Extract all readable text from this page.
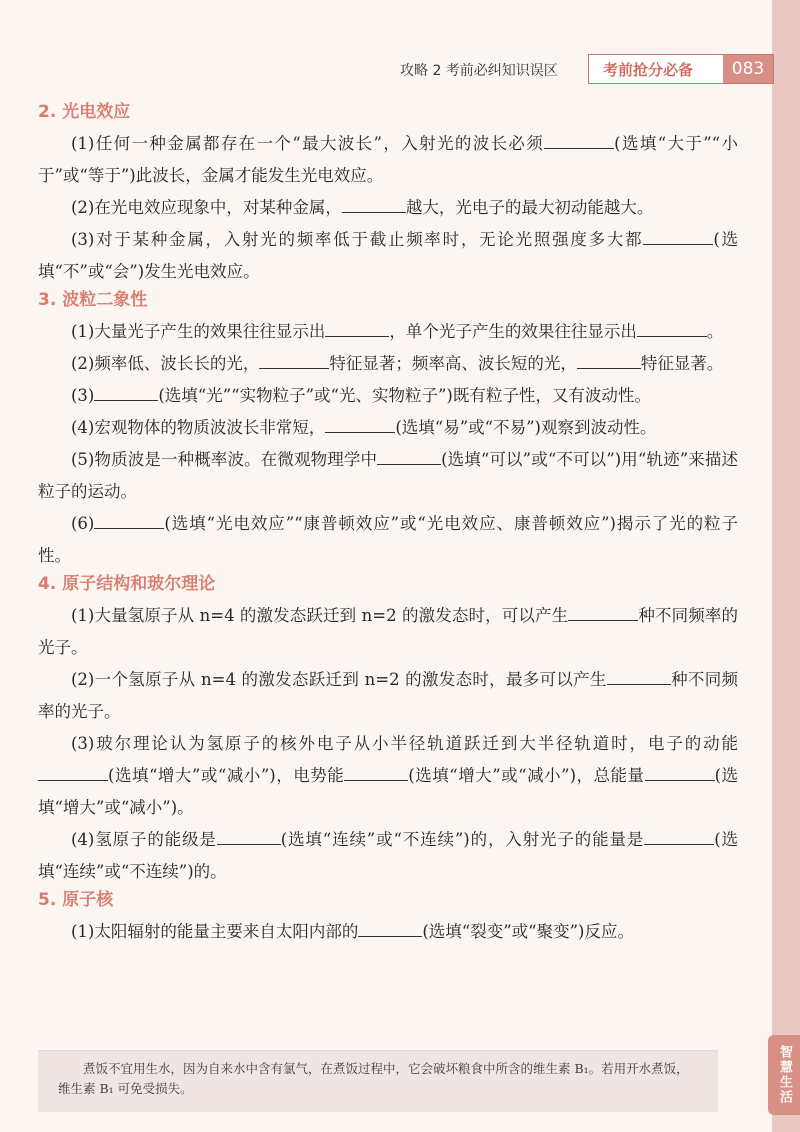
攻略 2 考前必纠知识误区	考前抢分必备	083
2. 光电效应

(1)任何一种金属都存在一个“最大波长”，入射光的波长必须	(选填“大于”“小于”或“等于”)此波长，金属才能发生光电效应。

(2)在光电效应现象中，对某种金属，	越大，光电子的最大初动能越大。

(3)对于某种金属，入射光的频率低于截止频率时，无论光照强度多大都	(选填“不”或“会”)发生光电效应。

3. 波粒二象性

(1)大量光子产生的效果往往显示出	，单个光子产生的效果往往显示出	。

(2)频率低、波长长的光，	特征显著；频率高、波长短的光，	特征显著。

(3)	(选填“光”“实物粒子”或“光、实物粒子”)既有粒子性，又有波动性。

(4)宏观物体的物质波波长非常短，	(选填“易”或“不易”)观察到波动性。

(5)物质波是一种概率波。在微观物理学中	(选填“可以”或“不可以”)用“轨迹”来描述粒子的运动。

(6)	(选填“光电效应”“康普顿效应”或“光电效应、康普顿效应”)揭示了光的粒子性。

4. 原子结构和玻尔理论

(1)大量氢原子从 n=4 的激发态跃迁到 n=2 的激发态时，可以产生	种不同频率的光子。

(2)一个氢原子从 n=4 的激发态跃迁到 n=2 的激发态时，最多可以产生	种不同频率的光子。

(3)玻尔理论认为氢原子的核外电子从小半径轨道跃迁到大半径轨道时，电子的动能(选填“增大”或“减小”)，电势能	(选填“增大”或“减小”)，总能量	(选填“增大”或“减小”)。

(4)氢原子的能级是	(选填“连续”或“不连续”)的，入射光子的能量是	(选填“连续”或“不连续”)的。

5. 原子核

(1)太阳辐射的能量主要来自太阳内部的	(选填“裂变”或“聚变”)反应。

煮饭不宜用生水，因为自来水中含有氯气，在煮饭过程中，它会破坏粮食中所含的维生素 B₁。若用开水煮饭，维生素 B₁ 可免受损失。	智慧生活
